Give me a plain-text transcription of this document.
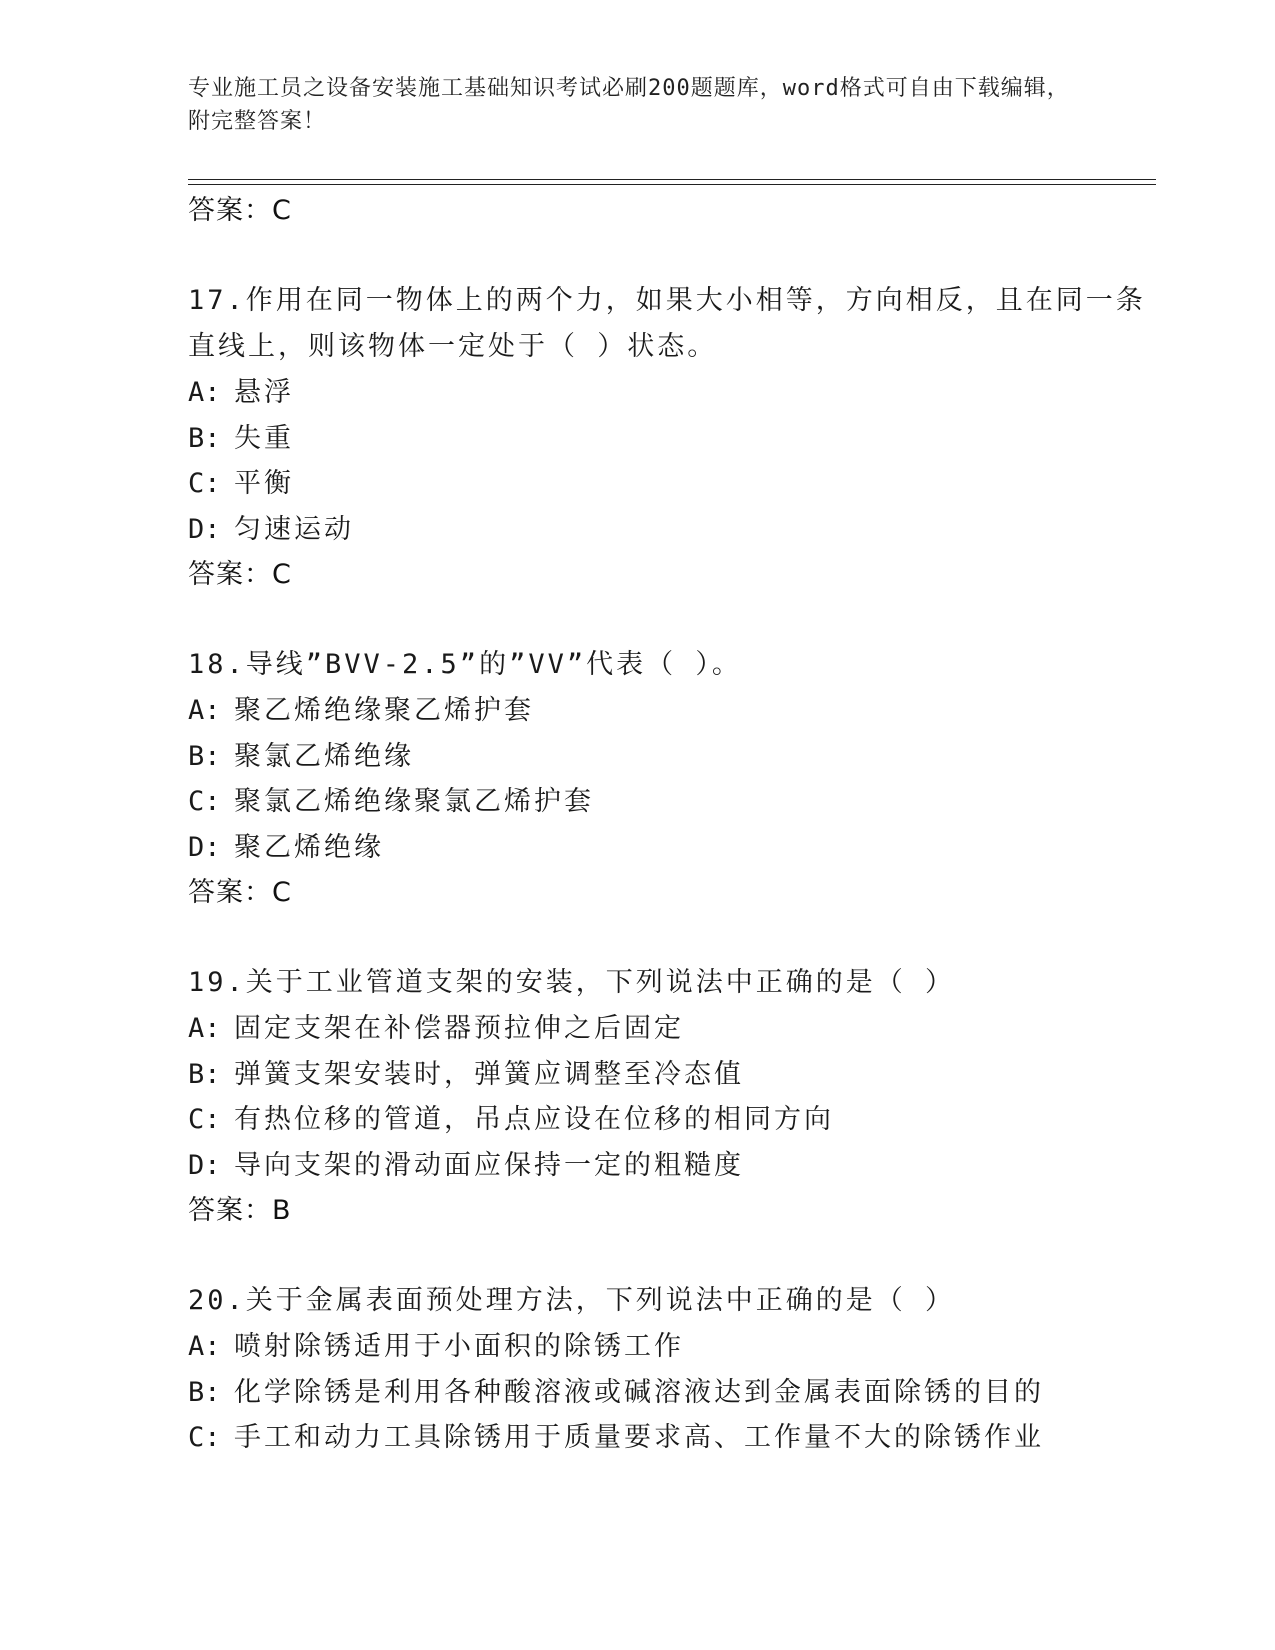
专业施工员之设备安装施工基础知识考试必刷200题题库，word格式可自由下载编辑，附完整答案！

答案：C

17.作用在同一物体上的两个力，如果大小相等，方向相反，且在同一条直线上，则该物体一定处于（ ）状态。

A: 悬浮

B: 失重

C: 平衡

D: 匀速运动

答案：C

18.导线”BVV-2.5”的”VV”代表（ ）。

A: 聚乙烯绝缘聚乙烯护套

B: 聚氯乙烯绝缘

C: 聚氯乙烯绝缘聚氯乙烯护套

D: 聚乙烯绝缘

答案：C

19.关于工业管道支架的安装，下列说法中正确的是（ ）

A: 固定支架在补偿器预拉伸之后固定

B: 弹簧支架安装时，弹簧应调整至冷态值

C: 有热位移的管道，吊点应设在位移的相同方向

D: 导向支架的滑动面应保持一定的粗糙度

答案：B

20.关于金属表面预处理方法，下列说法中正确的是（ ）

A: 喷射除锈适用于小面积的除锈工作

B: 化学除锈是利用各种酸溶液或碱溶液达到金属表面除锈的目的

C: 手工和动力工具除锈用于质量要求高、工作量不大的除锈作业
